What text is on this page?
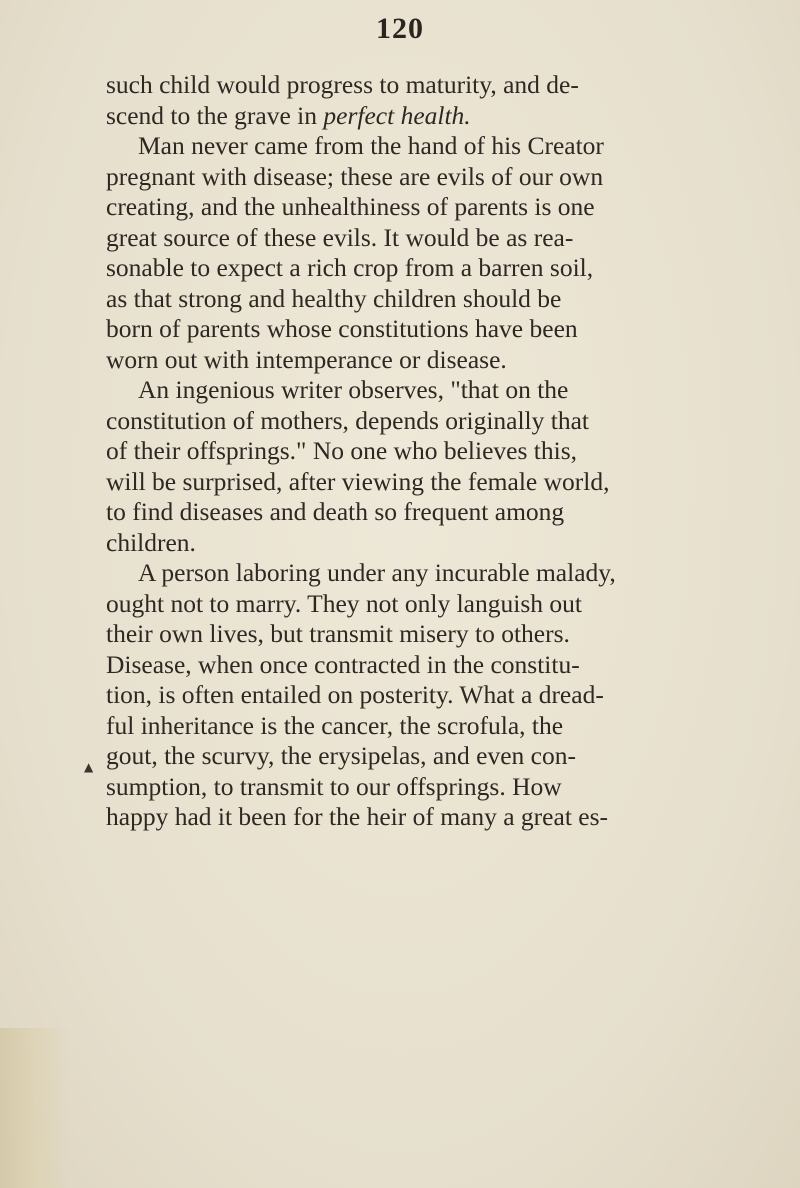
120
such child would progress to maturity, and de-
scend to the grave in perfect health.
Man never came from the hand of his Creator
pregnant with disease; these are evils of our own
creating, and the unhealthiness of parents is one
great source of these evils. It would be as rea-
sonable to expect a rich crop from a barren soil,
as that strong and healthy children should be
born of parents whose constitutions have been
worn out with intemperance or disease.
An ingenious writer observes, "that on the
constitution of mothers, depends originally that
of their offsprings." No one who believes this,
will be surprised, after viewing the female world,
to find diseases and death so frequent among
children.
A person laboring under any incurable malady,
ought not to marry. They not only languish out
their own lives, but transmit misery to others.
Disease, when once contracted in the constitu-
tion, is often entailed on posterity. What a dread-
ful inheritance is the cancer, the scrofula, the
gout, the scurvy, the erysipelas, and even con-
sumption, to transmit to our offsprings. How
happy had it been for the heir of many a great es-
▲
